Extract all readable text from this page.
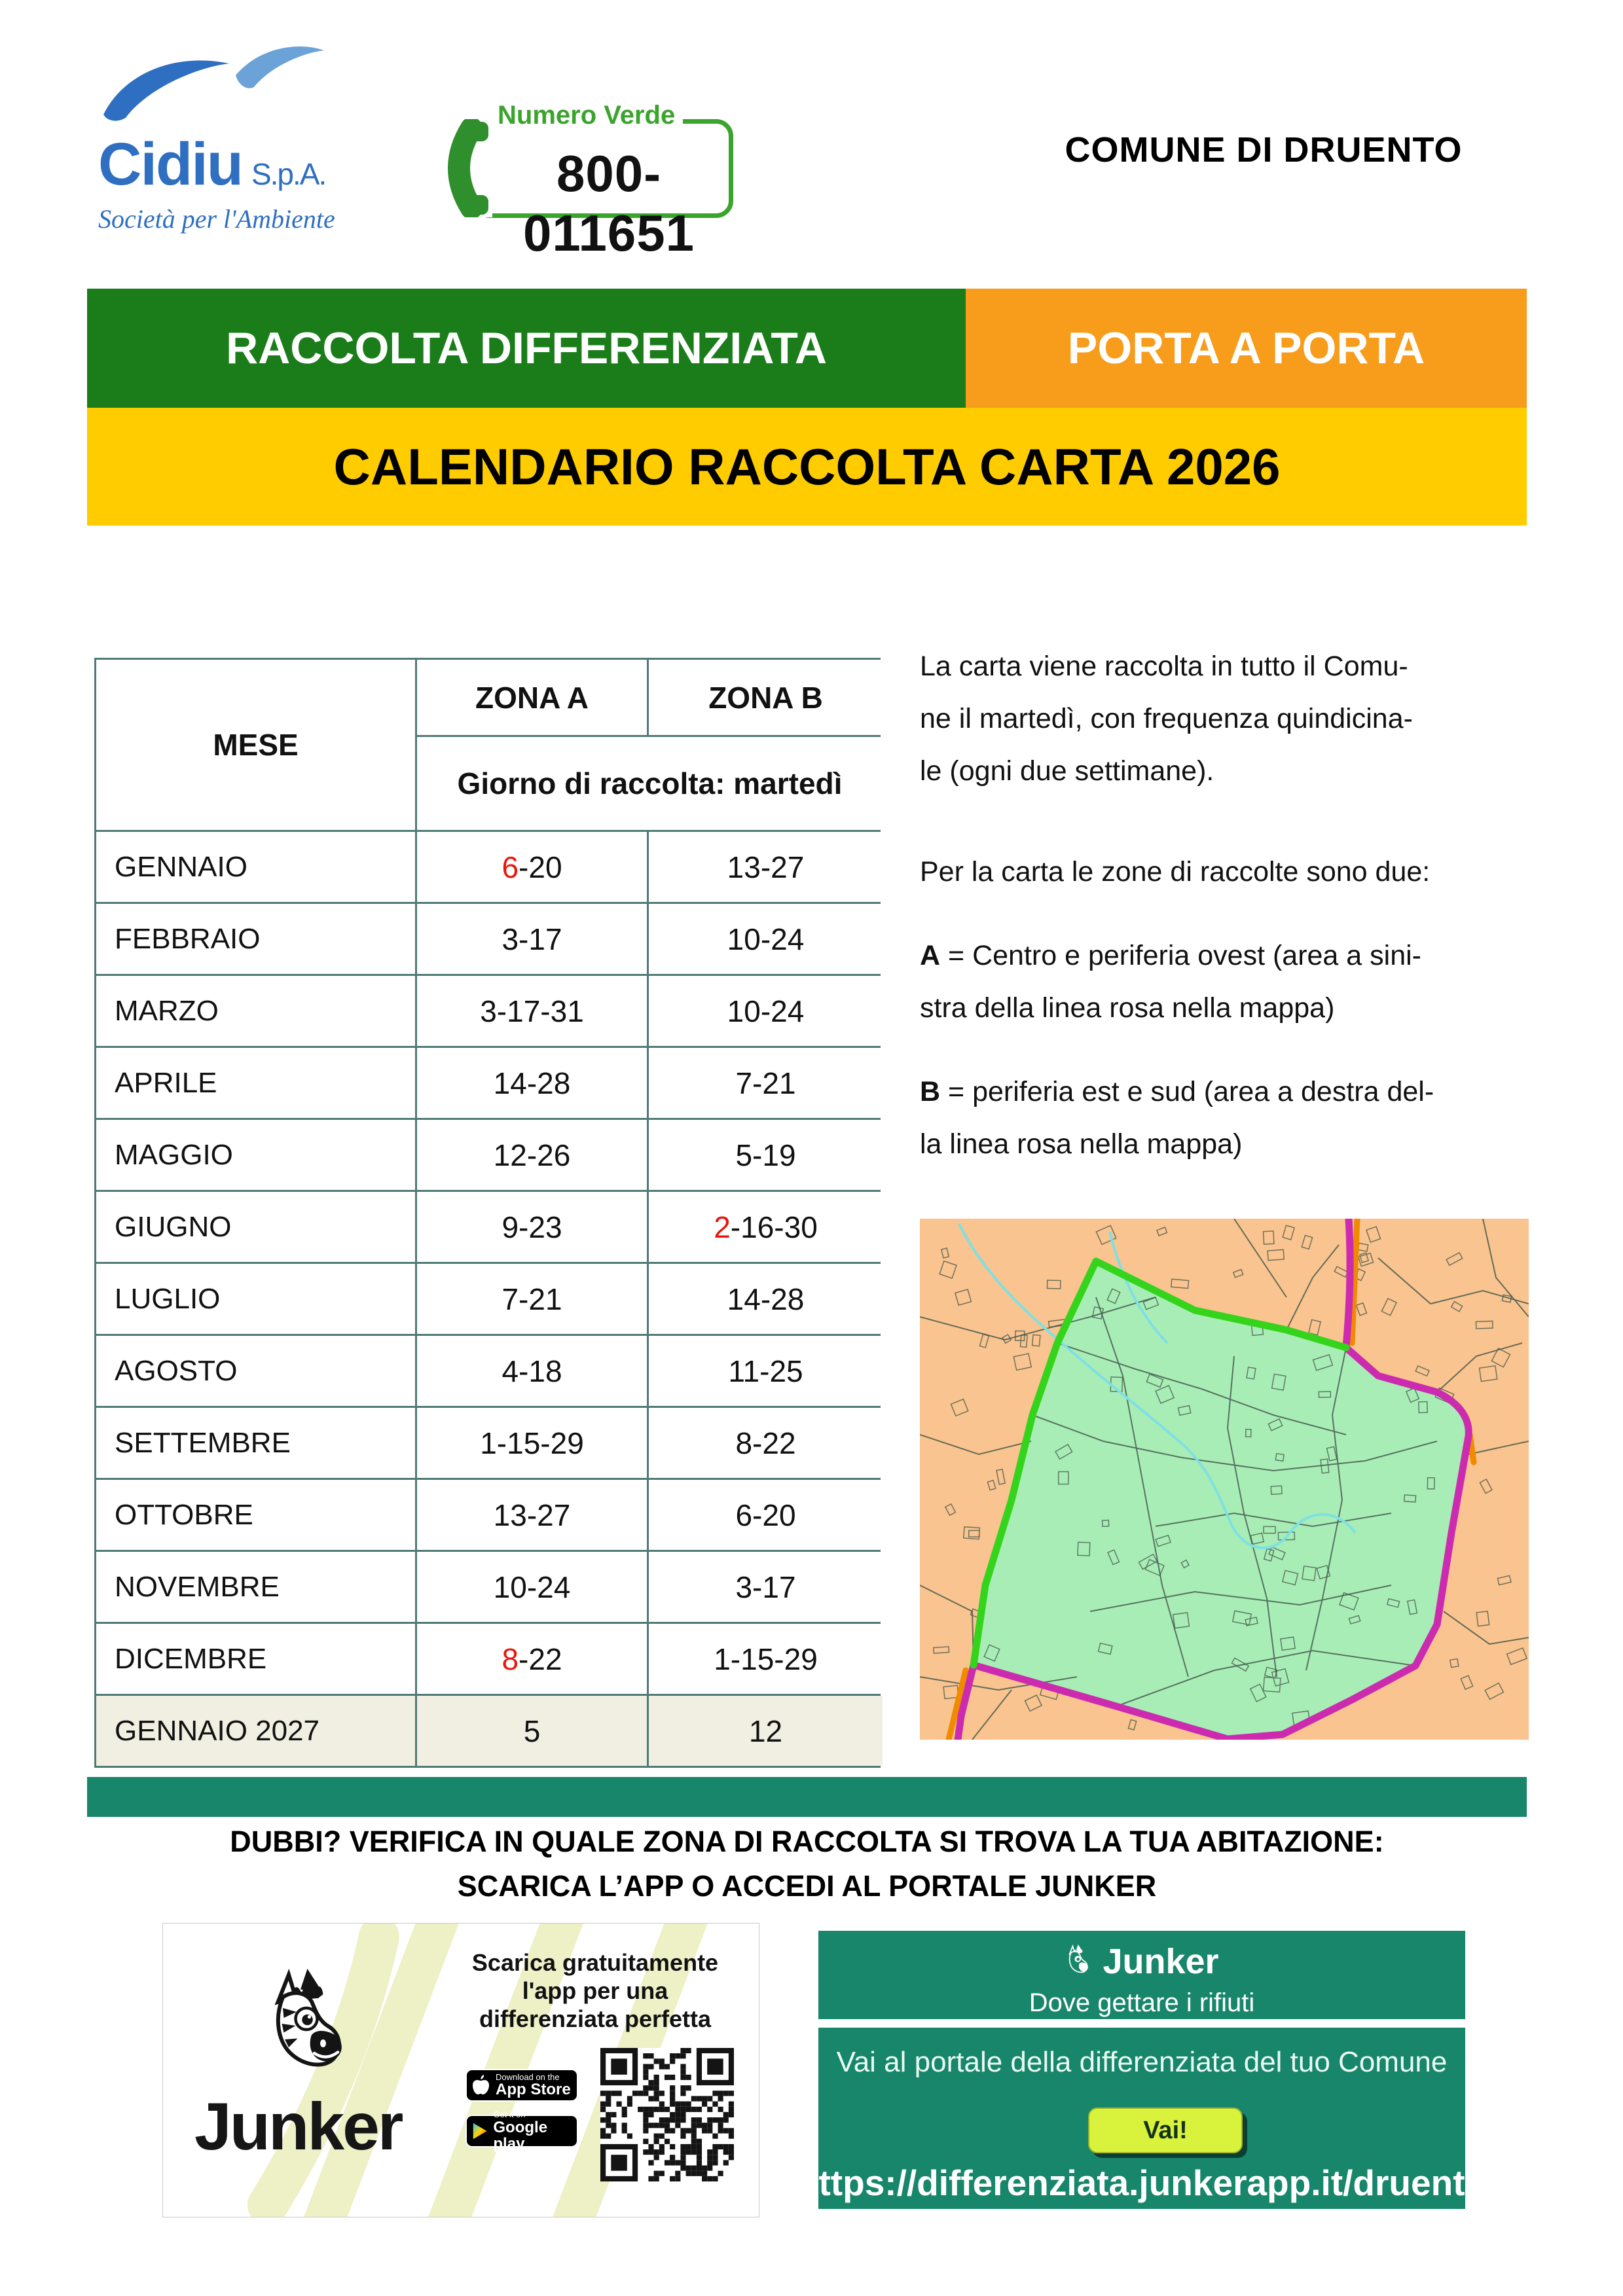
Cidiu S.p.A.
Società per l'Ambiente
Numero Verde
800-011651
COMUNE DI DRUENTO
RACCOLTA DIFFERENZIATA	PORTA A PORTA
CALENDARIO RACCOLTA CARTA 2026
MESE
ZONA A	ZONA B
Giorno di raccolta: martedì
GENNAIO	6 - 20	13 - 27
FEBBRAIO	3 - 17	10 - 24
MARZO	3 - 17 - 31	10 - 24
APRILE	14 - 28	7 - 21
MAGGIO	12 - 26	5 - 19
GIUGNO	9 - 23	2 - 16 - 30
LUGLIO	7 - 21	14 - 28
AGOSTO	4 - 18	11 - 25
SETTEMBRE	1 - 15 - 29	8 - 22
OTTOBRE	13 - 27	6 - 20
NOVEMBRE	10 - 24	3 - 17
DICEMBRE	8 - 22	1 - 15 - 29
GENNAIO 2027	5	12
La carta viene raccolta in tutto il Comu-
ne il martedì, con frequenza quindicina-
le (ogni due settimane).
Per la carta le zone di raccolte sono due:
A = Centro e periferia ovest (area a sini-
stra della linea rosa nella mappa)
B = periferia est e sud (area a destra del-
la linea rosa nella mappa)
DUBBI? VERIFICA IN QUALE ZONA DI RACCOLTA SI TROVA LA TUA ABITAZIONE:
SCARICA L’APP O ACCEDI AL PORTALE JUNKER
Scarica gratuitamente
l'app per una
differenziata perfetta
Junker
Download on the
App Store
Get it on
Google play
Junker
Dove gettare i rifiuti
Vai al portale della differenziata del tuo Comune
Vai!
https://differenziata.junkerapp.it/druento
